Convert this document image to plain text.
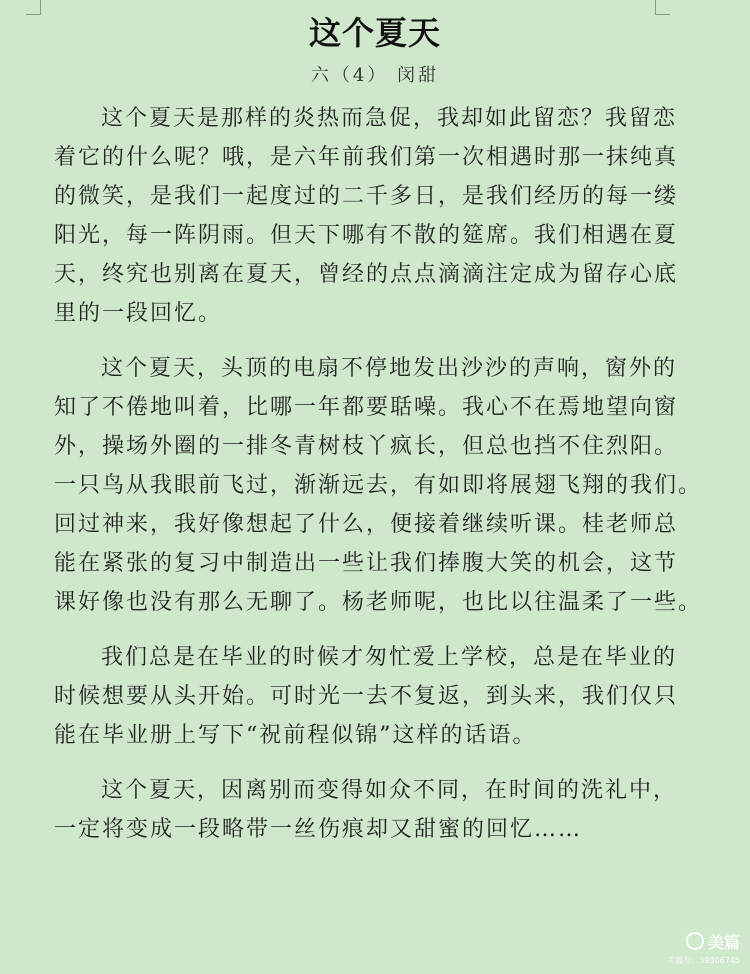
这个夏天
六（4） 闵甜
这个夏天是那样的炎热而急促，我却如此留恋？我留恋
着它的什么呢？哦，是六年前我们第一次相遇时那一抹纯真
的微笑，是我们一起度过的二千多日，是我们经历的每一缕
阳光，每一阵阴雨。但天下哪有不散的筵席。我们相遇在夏
天，终究也别离在夏天，曾经的点点滴滴注定成为留存心底
里的一段回忆。
这个夏天，头顶的电扇不停地发出沙沙的声响，窗外的
知了不倦地叫着，比哪一年都要聒噪。我心不在焉地望向窗
外，操场外圈的一排冬青树枝丫疯长，但总也挡不住烈阳。
一只鸟从我眼前飞过，渐渐远去，有如即将展翅飞翔的我们。
回过神来，我好像想起了什么，便接着继续听课。桂老师总
能在紧张的复习中制造出一些让我们捧腹大笑的机会，这节
课好像也没有那么无聊了。杨老师呢，也比以往温柔了一些。
我们总是在毕业的时候才匆忙爱上学校，总是在毕业的
时候想要从头开始。可时光一去不复返，到头来，我们仅只
能在毕业册上写下“祝前程似锦”这样的话语。
这个夏天，因离别而变得如众不同，在时间的洗礼中，
一定将变成一段略带一丝伤痕却又甜蜜的回忆……
美篇
美篇号：39306745
